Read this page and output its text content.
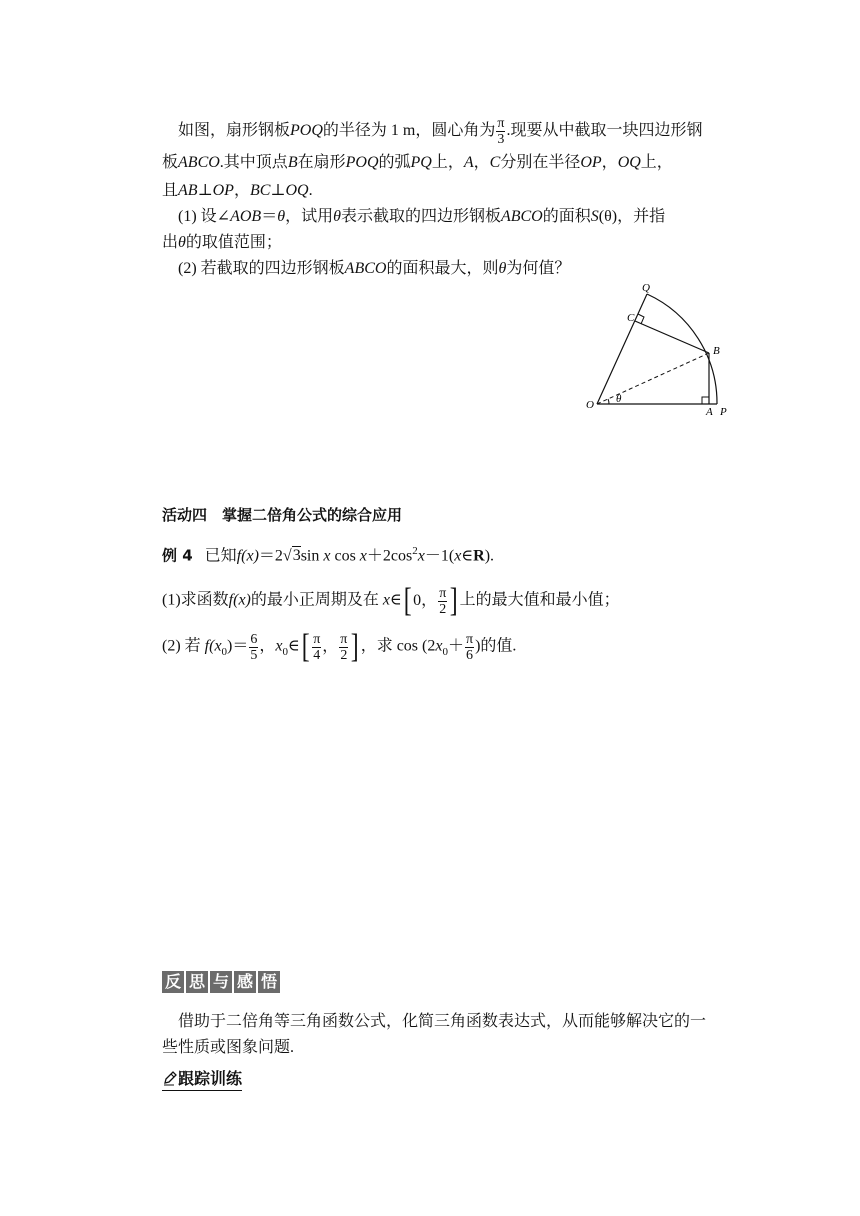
 如图，扇形钢板POQ的半径为 1 m，圆心角为 $\frac{\pi}{3}$ .现要从中截取一块四边形钢
板ABCO.其中顶点B在扇形POQ的弧PQ上，A，C分别在半径OP，OQ上，
且AB⊥OP，BC⊥OQ.
 (1) 设∠AOB＝θ，试用θ表示截取的四边形钢板ABCO的面积S(θ)，并指
出θ的取值范围；
 (2) 若截取的四边形钢板ABCO的面积最大，则θ为何值？
Q
C
B
O θ
A P
活动四　掌握二倍角公式的综合应用
例 4  已知f(x)＝2√3sin x $\cos x+2\cos^2x-1(x\in R)$.
(1)求函数f(x)的最小正周期及在 x∈ [ 0， $\frac{\pi}{2}$ ] 上的最大值和最小值；
(2) 若 $f(x_0)= \frac{6}{5}$ ，$x_0\in$ [ $\frac{\pi}{4}$ ， $\frac{\pi}{2}$ ] ，求 $\cos (2x_0+ \frac{\pi}{6}$ )的值.
反 思 与 感 悟
 借助于二倍角等三角函数公式，化简三角函数表达式，从而能够解决它的一
些性质或图象问题.
跟踪训练
